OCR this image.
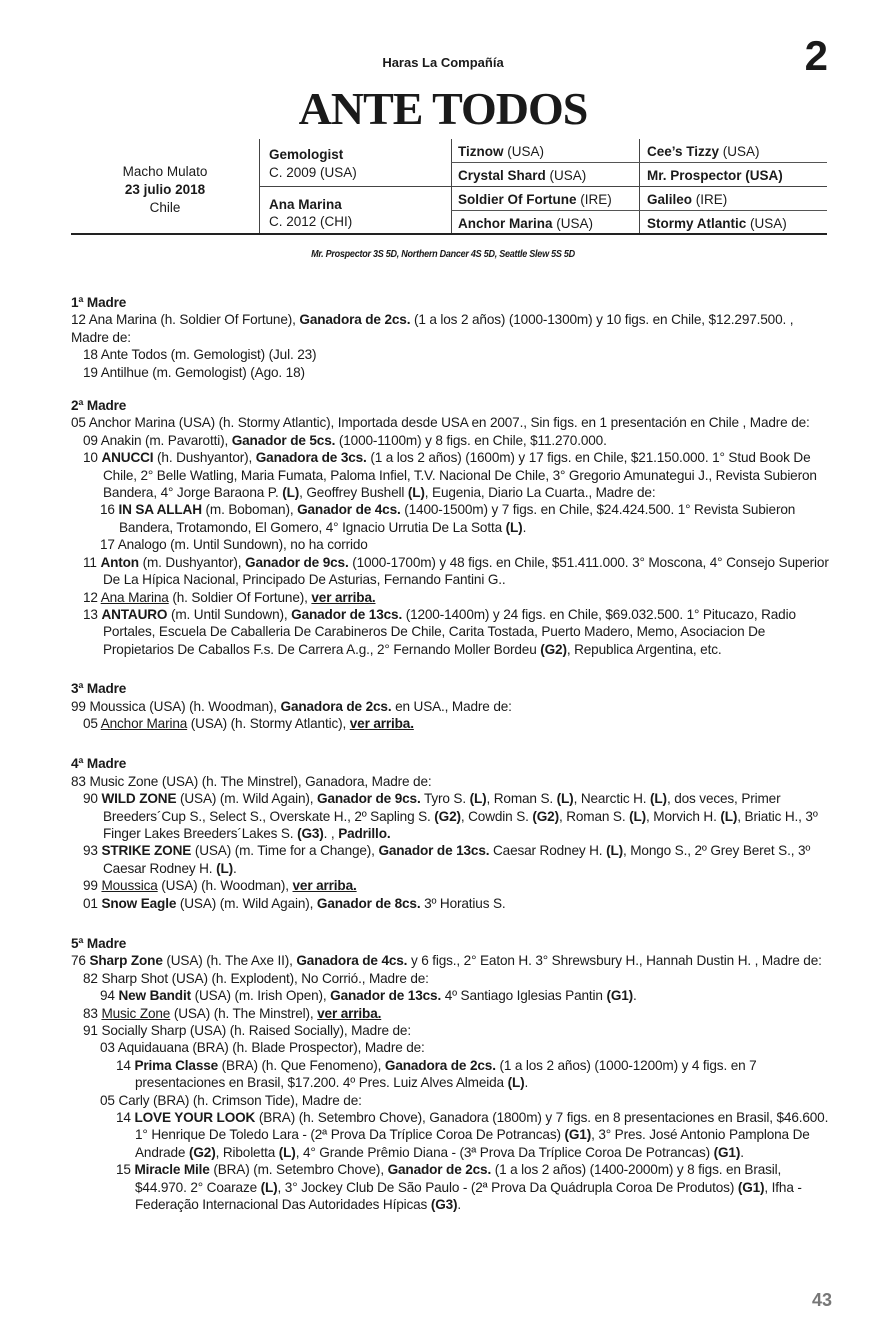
Haras La Compañía	2
ANTE TODOS
Macho Mulato
23 julio 2018
Chile
Gemologist
C. 2009 (USA)
Ana Marina
C. 2012 (CHI)
Tiznow (USA)
Crystal Shard (USA)
Soldier Of Fortune (IRE)
Anchor Marina (USA)
Cee’s Tizzy (USA)
Mr. Prospector (USA)
Galileo (IRE)
Stormy Atlantic (USA)
Mr. Prospector 3S 5D, Northern Dancer 4S 5D, Seattle Slew 5S 5D
1ª Madre
12 Ana Marina (h. Soldier Of Fortune), Ganadora de 2cs. (1 a los 2 años) (1000-1300m) y 10 figs. en Chile, $12.297.500. , Madre de:
18 Ante Todos (m. Gemologist) (Jul. 23)
19 Antilhue (m. Gemologist) (Ago. 18)
2ª Madre
05 Anchor Marina (USA) (h. Stormy Atlantic), Importada desde USA en 2007., Sin figs. en 1 presentación en Chile , Madre de:
09 Anakin (m. Pavarotti), Ganador de 5cs. (1000-1100m) y 8 figs. en Chile, $11.270.000.
10 ANUCCI (h. Dushyantor), Ganadora de 3cs. (1 a los 2 años) (1600m) y 17 figs. en Chile, $21.150.000. 1° Stud Book De Chile, 2° Belle Watling, Maria Fumata, Paloma Infiel, T.V. Nacional De Chile, 3° Gregorio Amunategui J., Revista Subieron Bandera, 4° Jorge Baraona P. (L), Geoffrey Bushell (L), Eugenia, Diario La Cuarta., Madre de:
16 IN SA ALLAH (m. Boboman), Ganador de 4cs. (1400-1500m) y 7 figs. en Chile, $24.424.500. 1° Revista Subieron Bandera, Trotamondo, El Gomero, 4° Ignacio Urrutia De La Sotta (L).
17 Analogo (m. Until Sundown), no ha corrido
11 Anton (m. Dushyantor), Ganador de 9cs. (1000-1700m) y 48 figs. en Chile, $51.411.000. 3° Moscona, 4° Consejo Superior De La Hípica Nacional, Principado De Asturias, Fernando Fantini G..
12 Ana Marina (h. Soldier Of Fortune), ver arriba.
13 ANTAURO (m. Until Sundown), Ganador de 13cs. (1200-1400m) y 24 figs. en Chile, $69.032.500. 1° Pitucazo, Radio Portales, Escuela De Caballeria De Carabineros De Chile, Carita Tostada, Puerto Madero, Memo, Asociacion De Propietarios De Caballos F.s. De Carrera A.g., 2° Fernando Moller Bordeu (G2), Republica Argentina, etc.
3ª Madre
99 Moussica (USA) (h. Woodman), Ganadora de 2cs. en USA., Madre de:
05 Anchor Marina (USA) (h. Stormy Atlantic), ver arriba.
4ª Madre
83 Music Zone (USA) (h. The Minstrel), Ganadora, Madre de:
90 WILD ZONE (USA) (m. Wild Again), Ganador de 9cs. Tyro S. (L), Roman S. (L), Nearctic H. (L), dos veces, Primer Breeders´Cup S., Select S., Overskate H., 2º Sapling S. (G2), Cowdin S. (G2), Roman S. (L), Morvich H. (L), Briatic H., 3º Finger Lakes Breeders´Lakes S. (G3). , Padrillo.
93 STRIKE ZONE (USA) (m. Time for a Change), Ganador de 13cs. Caesar Rodney H. (L), Mongo S., 2º Grey Beret S., 3º Caesar Rodney H. (L).
99 Moussica (USA) (h. Woodman), ver arriba.
01 Snow Eagle (USA) (m. Wild Again), Ganador de 8cs. 3º Horatius S.
5ª Madre
76 Sharp Zone (USA) (h. The Axe II), Ganadora de 4cs. y 6 figs., 2° Eaton H. 3° Shrewsbury H., Hannah Dustin H. , Madre de:
82 Sharp Shot (USA) (h. Explodent), No Corrió., Madre de:
94 New Bandit (USA) (m. Irish Open), Ganador de 13cs. 4º Santiago Iglesias Pantin (G1).
83 Music Zone (USA) (h. The Minstrel), ver arriba.
91 Socially Sharp (USA) (h. Raised Socially), Madre de:
03 Aquidauana (BRA) (h. Blade Prospector), Madre de:
14 Prima Classe (BRA) (h. Que Fenomeno), Ganadora de 2cs. (1 a los 2 años) (1000-1200m) y 4 figs. en 7 presentaciones en Brasil, $17.200. 4º Pres. Luiz Alves Almeida (L).
05 Carly (BRA) (h. Crimson Tide), Madre de:
14 LOVE YOUR LOOK (BRA) (h. Setembro Chove), Ganadora (1800m) y 7 figs. en 8 presentaciones en Brasil, $46.600. 1° Henrique De Toledo Lara - (2ª Prova Da Tríplice Coroa De Potrancas) (G1), 3° Pres. José Antonio Pamplona De Andrade (G2), Riboletta (L), 4° Grande Prêmio Diana - (3ª Prova Da Tríplice Coroa De Potrancas) (G1).
15 Miracle Mile (BRA) (m. Setembro Chove), Ganador de 2cs. (1 a los 2 años) (1400-2000m) y 8 figs. en Brasil, $44.970. 2° Coaraze (L), 3° Jockey Club De São Paulo - (2ª Prova Da Quádrupla Coroa De Produtos) (G1), Ifha - Federação Internacional Das Autoridades Hípicas (G3).
43
